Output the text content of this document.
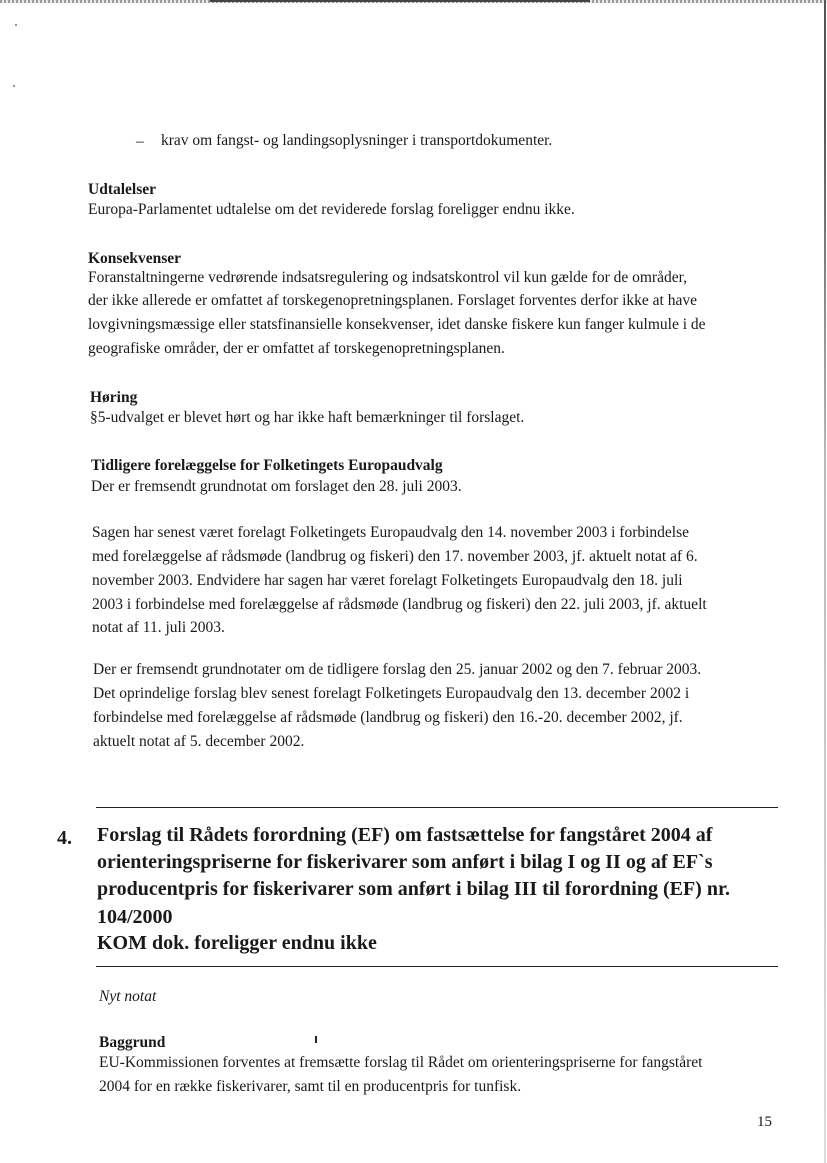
– krav om fangst- og landingsoplysninger i transportdokumenter.
Udtalelser
Europa-Parlamentet udtalelse om det reviderede forslag foreligger endnu ikke.
Konsekvenser
Foranstaltningerne vedrørende indsatsregulering og indsatskontrol vil kun gælde for de områder,
der ikke allerede er omfattet af torskegenopretningsplanen. Forslaget forventes derfor ikke at have
lovgivningsmæssige eller statsfinansielle konsekvenser, idet danske fiskere kun fanger kulmule i de
geografiske områder, der er omfattet af torskegenopretningsplanen.
Høring
§5-udvalget er blevet hørt og har ikke haft bemærkninger til forslaget.
Tidligere forelæggelse for Folketingets Europaudvalg
Der er fremsendt grundnotat om forslaget den 28. juli 2003.
Sagen har senest været forelagt Folketingets Europaudvalg den 14. november 2003 i forbindelse
med forelæggelse af rådsmøde (landbrug og fiskeri) den 17. november 2003, jf. aktuelt notat af 6.
november 2003. Endvidere har sagen har været forelagt Folketingets Europaudvalg den 18. juli
2003 i forbindelse med forelæggelse af rådsmøde (landbrug og fiskeri) den 22. juli 2003, jf. aktuelt
notat af 11. juli 2003.
Der er fremsendt grundnotater om de tidligere forslag den 25. januar 2002 og den 7. februar 2003.
Det oprindelige forslag blev senest forelagt Folketingets Europaudvalg den 13. december 2002 i
forbindelse med forelæggelse af rådsmøde (landbrug og fiskeri) den 16.-20. december 2002, jf.
aktuelt notat af 5. december 2002.
4. Forslag til Rådets forordning (EF) om fastsættelse for fangståret 2004 af
orienteringspriserne for fiskerivarer som anført i bilag I og II og af EF`s
producentpris for fiskerivarer som anført i bilag III til forordning (EF) nr.
104/2000
KOM dok. foreligger endnu ikke
Nyt notat
Baggrund
EU-Kommissionen forventes at fremsætte forslag til Rådet om orienteringspriserne for fangståret
2004 for en række fiskerivarer, samt til en producentpris for tunfisk.
15
